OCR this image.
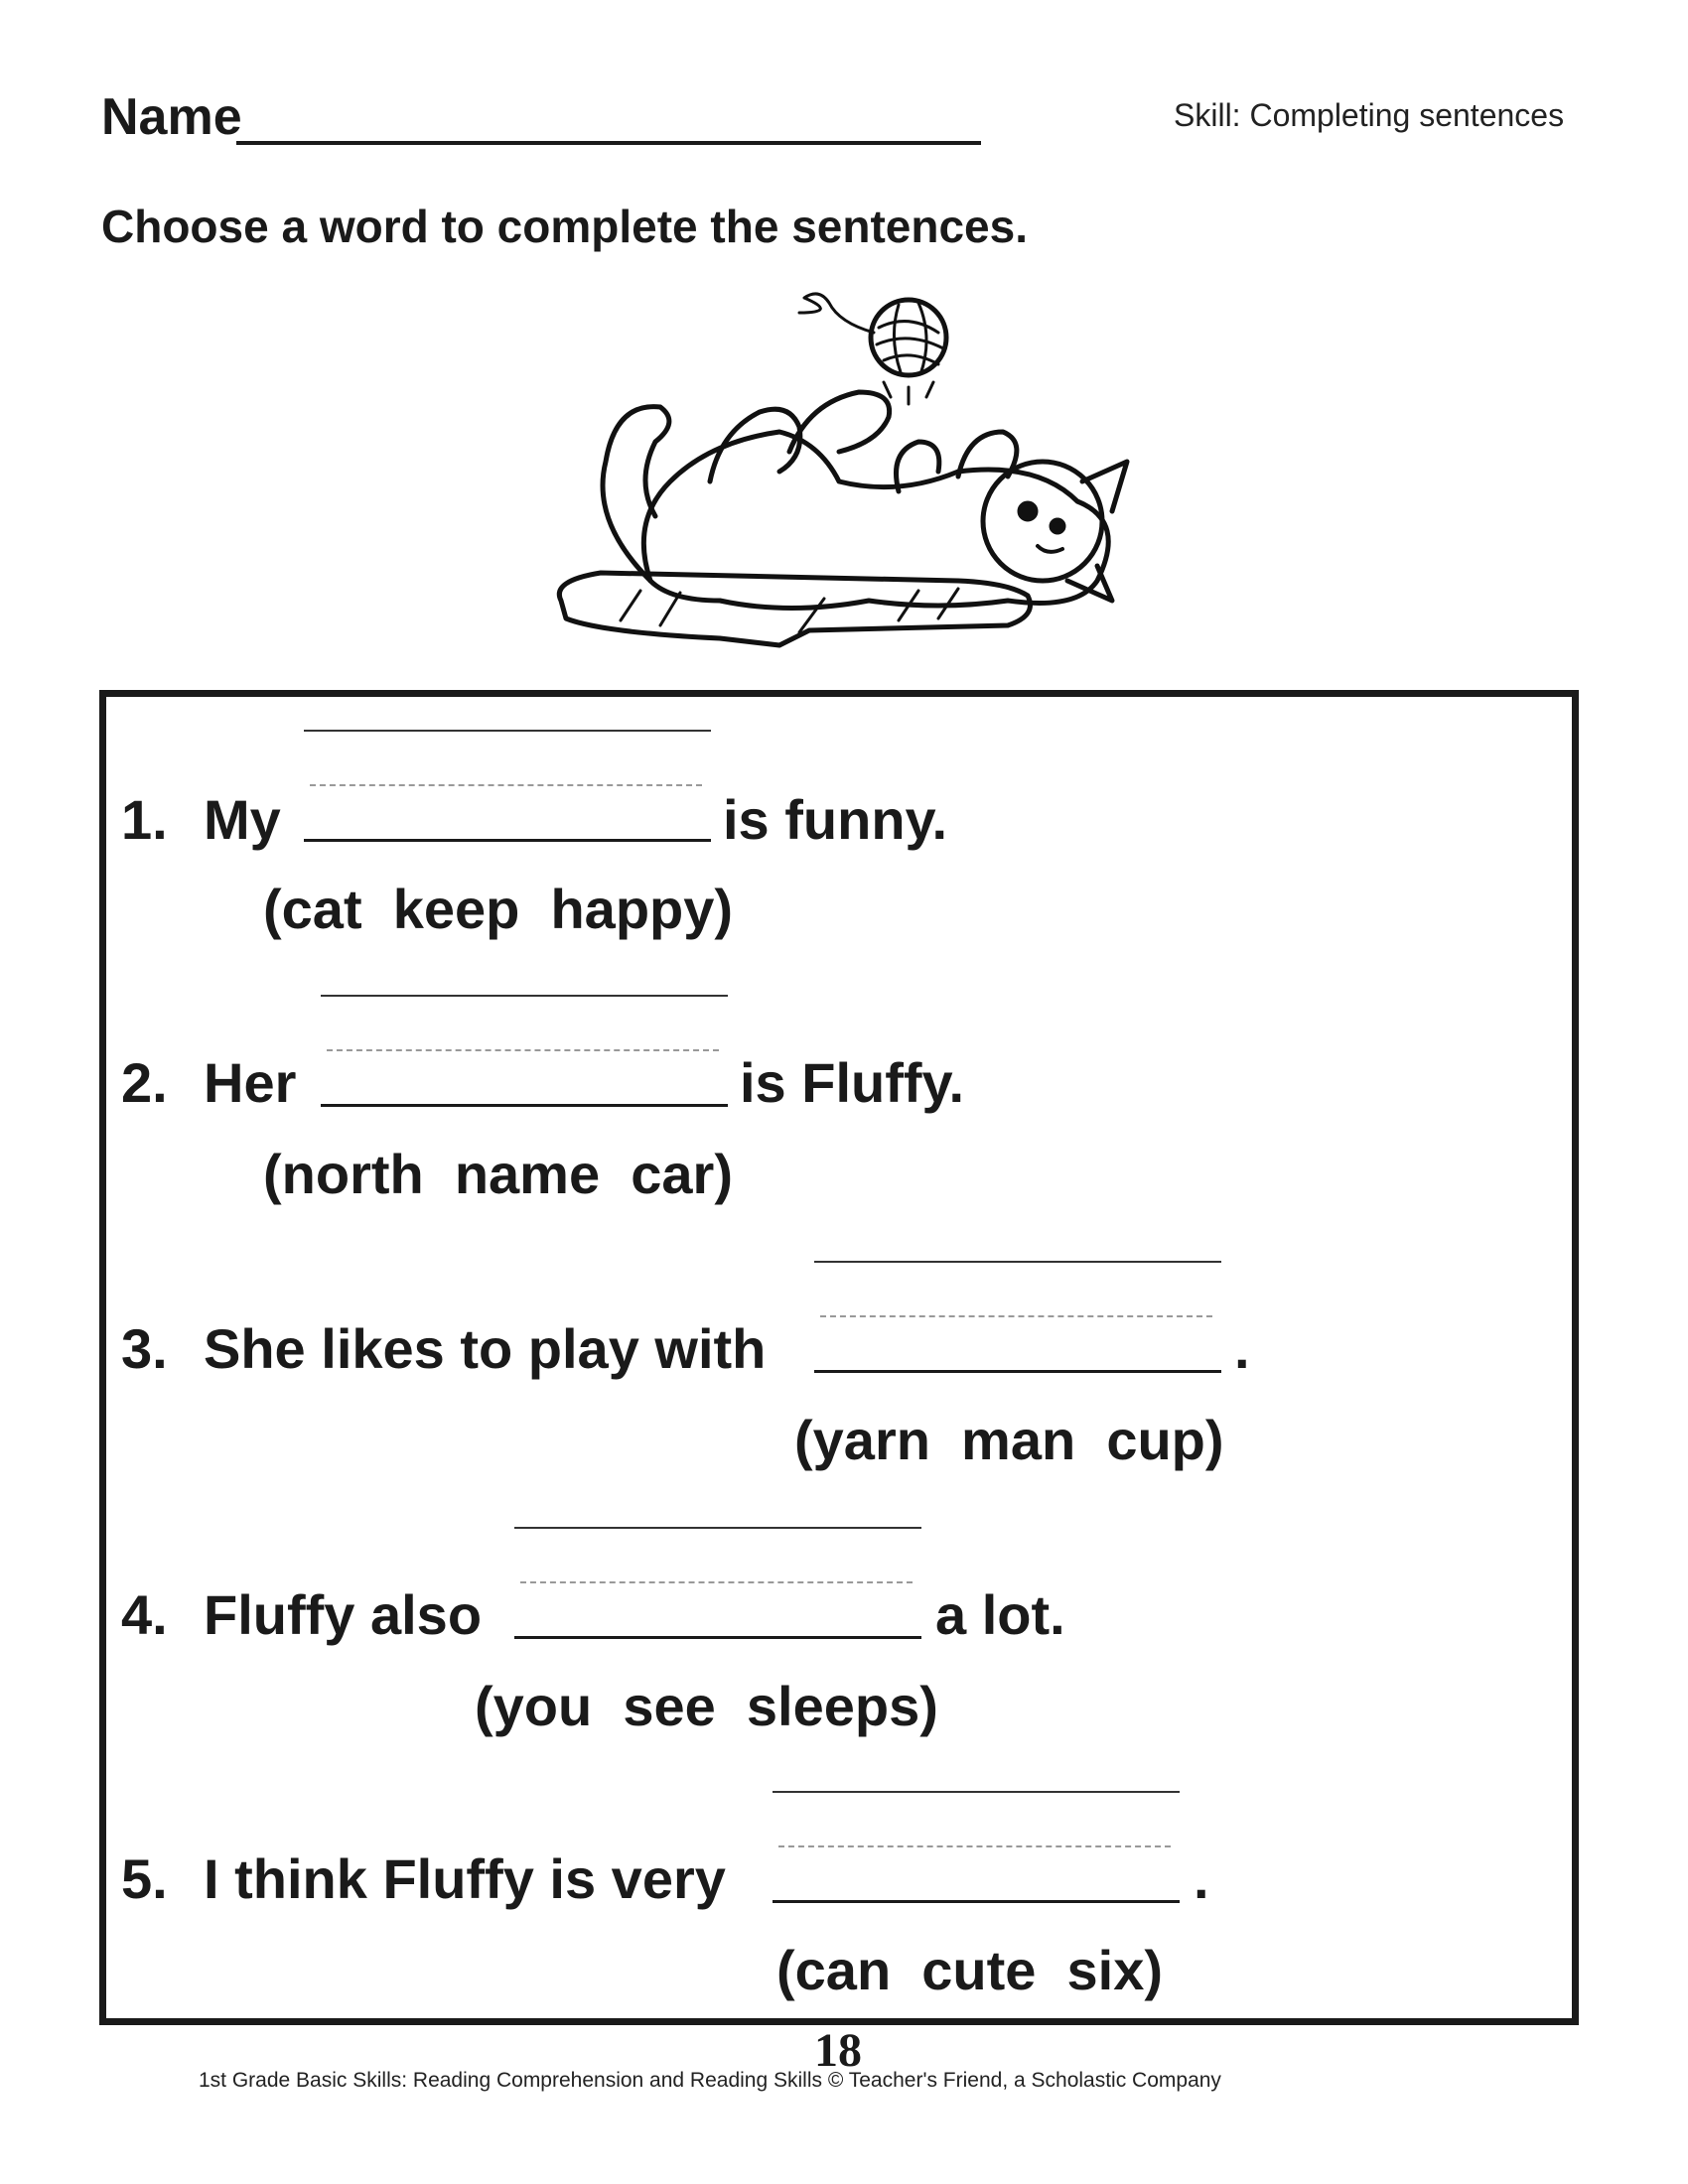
Name	Skill: Completing sentences
Choose a word to complete the sentences.
1. My	is funny.
(cat  keep  happy)
2. Her	is Fluffy.
(north  name  car)
3. She likes to play with	.
(yarn  man  cup)
4. Fluffy also	a lot.
(you  see  sleeps)
5. I think Fluffy is very	.
(can  cute  six)
18
1st Grade Basic Skills: Reading Comprehension and Reading Skills © Teacher's Friend, a Scholastic Company
